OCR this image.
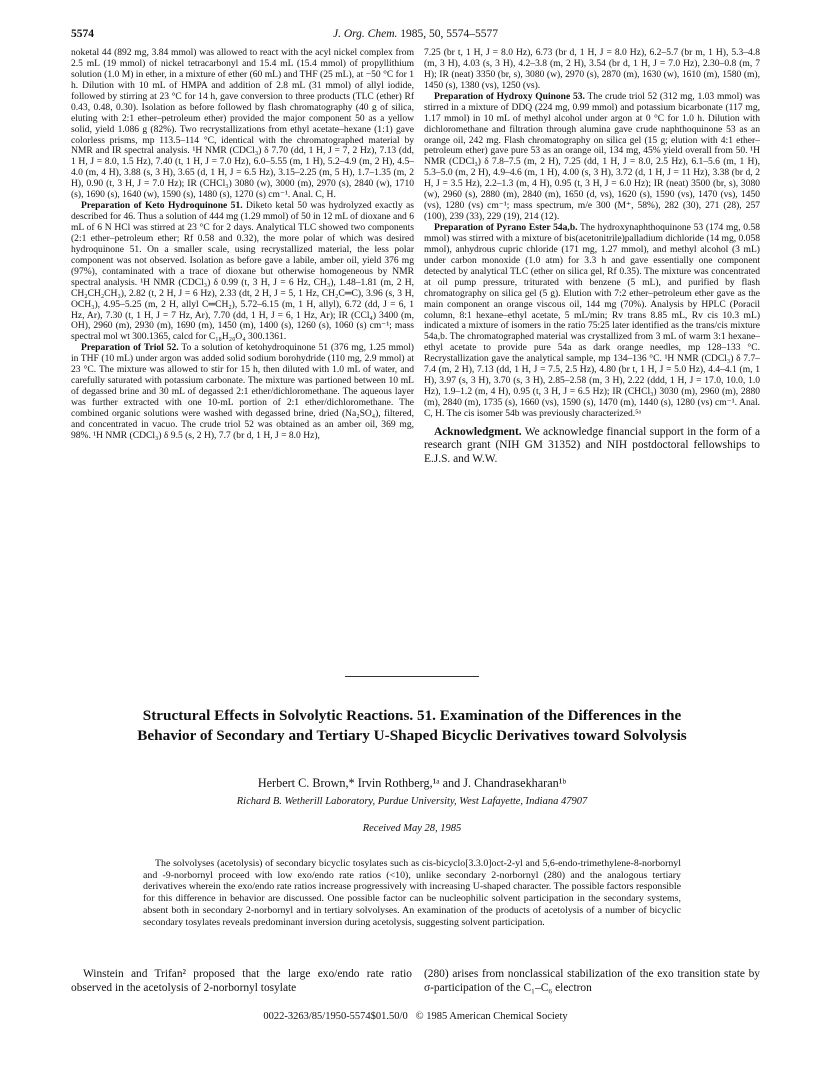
5574	J. Org. Chem. 1985, 50, 5574–5577

noketal 44 (892 mg, 3.84 mmol) was allowed to react with the acyl nickel complex from 2.5 mL (19 mmol) of nickel tetracarbonyl and 15.4 mL (15.4 mmol) of propyllithium solution (1.0 M) in ether, in a mixture of ether (60 mL) and THF (25 mL), at −50 °C for 1 h. Dilution with 10 mL of HMPA and addition of 2.8 mL (31 mmol) of allyl iodide, followed by stirring at 23 °C for 14 h, gave conversion to three products (TLC (ether) Rf 0.43, 0.48, 0.30). Isolation as before followed by flash chromatography (40 g of silica, eluting with 2:1 ether–petroleum ether) provided the major component 50 as a yellow solid, yield 1.086 g (82%). Two recrystallizations from ethyl acetate–hexane (1:1) gave colorless prisms, mp 113.5–114 °C, identical with the chromatographed material by NMR and IR spectral analysis. ¹H NMR (CDCl₃) δ 7.70 (dd, 1 H, J = 7, 2 Hz), 7.13 (dd, 1 H, J = 8.0, 1.5 Hz), 7.40 (t, 1 H, J = 7.0 Hz), 6.0–5.55 (m, 1 H), 5.2–4.9 (m, 2 H), 4.5–4.0 (m, 4 H), 3.88 (s, 3 H), 3.65 (d, 1 H, J = 6.5 Hz), 3.15–2.25 (m, 5 H), 1.7–1.35 (m, 2 H), 0.90 (t, 3 H, J = 7.0 Hz); IR (CHCl₃) 3080 (w), 3000 (m), 2970 (s), 2840 (w), 1710 (s), 1690 (s), 1640 (w), 1590 (s), 1480 (s), 1270 (s) cm⁻¹. Anal. C, H.

Preparation of Keto Hydroquinone 51. Diketo ketal 50 was hydrolyzed exactly as described for 46. Thus a solution of 444 mg (1.29 mmol) of 50 in 12 mL of dioxane and 6 mL of 6 N HCl was stirred at 23 °C for 2 days. Analytical TLC showed two components (2:1 ether–petroleum ether; Rf 0.58 and 0.32), the more polar of which was desired hydroquinone 51. On a smaller scale, using recrystallized material, the less polar component was not observed. Isolation as before gave a labile, amber oil, yield 376 mg (97%), contaminated with a trace of dioxane but otherwise homogeneous by NMR spectral analysis. ¹H NMR (CDCl₃) δ 0.99 (t, 3 H, J = 6 Hz, CH₃), 1.48–1.81 (m, 2 H, CH₂CH₂CH₃), 2.82 (t, 2 H, J = 6 Hz), 2.33 (dt, 2 H, J = 5, 1 Hz, CH₂C═C), 3.96 (s, 3 H, OCH₃), 4.95–5.25 (m, 2 H, allyl C═CH₂), 5.72–6.15 (m, 1 H, allyl), 6.72 (dd, J = 6, 1 Hz, Ar), 7.30 (t, 1 H, J = 7 Hz, Ar), 7.70 (dd, 1 H, J = 6, 1 Hz, Ar); IR (CCl₄) 3400 (m, OH), 2960 (m), 2930 (m), 1690 (m), 1450 (m), 1400 (s), 1260 (s), 1060 (s) cm⁻¹; mass spectral mol wt 300.1365, calcd for C₁₈H₂₀O₄ 300.1361.

Preparation of Triol 52. To a solution of ketohydroquinone 51 (376 mg, 1.25 mmol) in THF (10 mL) under argon was added solid sodium borohydride (110 mg, 2.9 mmol) at 23 °C. The mixture was allowed to stir for 15 h, then diluted with 1.0 mL of water, and carefully saturated with potassium carbonate. The mixture was partioned between 10 mL of degassed brine and 30 mL of degassed 2:1 ether/dichloromethane. The aqueous layer was further extracted with one 10-mL portion of 2:1 ether/dichloromethane. The combined organic solutions were washed with degassed brine, dried (Na₂SO₄), filtered, and concentrated in vacuo. The crude triol 52 was obtained as an amber oil, 369 mg, 98%. ¹H NMR (CDCl₃) δ 9.5 (s, 2 H), 7.7 (br d, 1 H, J = 8.0 Hz),

7.25 (br t, 1 H, J = 8.0 Hz), 6.73 (br d, 1 H, J = 8.0 Hz), 6.2–5.7 (br m, 1 H), 5.3–4.8 (m, 3 H), 4.03 (s, 3 H), 4.2–3.8 (m, 2 H), 3.54 (br d, 1 H, J = 7.0 Hz), 2.30–0.8 (m, 7 H); IR (neat) 3350 (br, s), 3080 (w), 2970 (s), 2870 (m), 1630 (w), 1610 (m), 1580 (m), 1450 (s), 1380 (vs), 1250 (vs).

Preparation of Hydroxy Quinone 53. The crude triol 52 (312 mg, 1.03 mmol) was stirred in a mixture of DDQ (224 mg, 0.99 mmol) and potassium bicarbonate (117 mg, 1.17 mmol) in 10 mL of methyl alcohol under argon at 0 °C for 1.0 h. Dilution with dichloromethane and filtration through alumina gave crude naphthoquinone 53 as an orange oil, 242 mg. Flash chromatography on silica gel (15 g; elution with 4:1 ether–petroleum ether) gave pure 53 as an orange oil, 134 mg, 45% yield overall from 50. ¹H NMR (CDCl₃) δ 7.8–7.5 (m, 2 H), 7.25 (dd, 1 H, J = 8.0, 2.5 Hz), 6.1–5.6 (m, 1 H), 5.3–5.0 (m, 2 H), 4.9–4.6 (m, 1 H), 4.00 (s, 3 H), 3.72 (d, 1 H, J = 11 Hz), 3.38 (br d, 2 H, J = 3.5 Hz), 2.2–1.3 (m, 4 H), 0.95 (t, 3 H, J = 6.0 Hz); IR (neat) 3500 (br, s), 3080 (w), 2960 (s), 2880 (m), 2840 (m), 1650 (d, vs), 1620 (s), 1590 (vs), 1470 (vs), 1450 (vs), 1280 (vs) cm⁻¹; mass spectrum, m/e 300 (M⁺, 58%), 282 (30), 271 (28), 257 (100), 239 (33), 229 (19), 214 (12).

Preparation of Pyrano Ester 54a,b. The hydroxynaphthoquinone 53 (174 mg, 0.58 mmol) was stirred with a mixture of bis(acetonitrile)palladium dichloride (14 mg, 0.058 mmol), anhydrous cupric chloride (171 mg, 1.27 mmol), and methyl alcohol (3 mL) under carbon monoxide (1.0 atm) for 3.3 h and gave essentially one component detected by analytical TLC (ether on silica gel, Rf 0.35). The mixture was concentrated at oil pump pressure, triturated with benzene (5 mL), and purified by flash chromatography on silica gel (5 g). Elution with 7:2 ether–petroleum ether gave as the main component an orange viscous oil, 144 mg (70%). Analysis by HPLC (Poracil column, 8:1 hexane–ethyl acetate, 5 mL/min; Rv trans 8.85 mL, Rv cis 10.3 mL) indicated a mixture of isomers in the ratio 75:25 later identified as the trans/cis mixture 54a,b. The chromatographed material was crystallized from 3 mL of warm 3:1 hexane–ethyl acetate to provide pure 54a as dark orange needles, mp 128–133 °C. Recrystallization gave the analytical sample, mp 134–136 °C. ¹H NMR (CDCl₃) δ 7.7–7.4 (m, 2 H), 7.13 (dd, 1 H, J = 7.5, 2.5 Hz), 4.80 (br t, 1 H, J = 5.0 Hz), 4.4–4.1 (m, 1 H), 3.97 (s, 3 H), 3.70 (s, 3 H), 2.85–2.58 (m, 3 H), 2.22 (ddd, 1 H, J = 17.0, 10.0, 1.0 Hz), 1.9–1.2 (m, 4 H), 0.95 (t, 3 H, J = 6.5 Hz); IR (CHCl₃) 3030 (m), 2960 (m), 2880 (m), 2840 (m), 1735 (s), 1660 (vs), 1590 (s), 1470 (m), 1440 (s), 1280 (vs) cm⁻¹. Anal. C, H. The cis isomer 54b was previously characterized.⁵ᵃ

Acknowledgment. We acknowledge financial support in the form of a research grant (NIH GM 31352) and NIH postdoctoral fellowships to E.J.S. and W.W.

Structural Effects in Solvolytic Reactions. 51. Examination of the Differences in the Behavior of Secondary and Tertiary U-Shaped Bicyclic Derivatives toward Solvolysis
Herbert C. Brown,* Irvin Rothberg,¹ᵃ and J. Chandrasekharan¹ᵇ
Richard B. Wetherill Laboratory, Purdue University, West Lafayette, Indiana 47907
Received May 28, 1985

The solvolyses (acetolysis) of secondary bicyclic tosylates such as cis-bicyclo[3.3.0]oct-2-yl and 5,6-endo-trimethylene-8-norbornyl and -9-norbornyl proceed with low exo/endo rate ratios (<10), unlike secondary 2-norbornyl (280) and the analogous tertiary derivatives wherein the exo/endo rate ratios increase progressively with increasing U-shaped character. The possible factors responsible for this difference in behavior are discussed. One possible factor can be nucleophilic solvent participation in the secondary systems, absent both in secondary 2-norbornyl and in tertiary solvolyses. An examination of the products of acetolysis of a number of bicyclic secondary tosylates reveals predominant inversion during acetolysis, suggesting solvent participation.

Winstein and Trifan² proposed that the large exo/endo rate ratio observed in the acetolysis of 2-norbornyl tosylate

(280) arises from nonclassical stabilization of the exo transition state by σ-participation of the C₁–C₆ electron

0022-3263/85/1950-5574$01.50/0 © 1985 American Chemical Society
